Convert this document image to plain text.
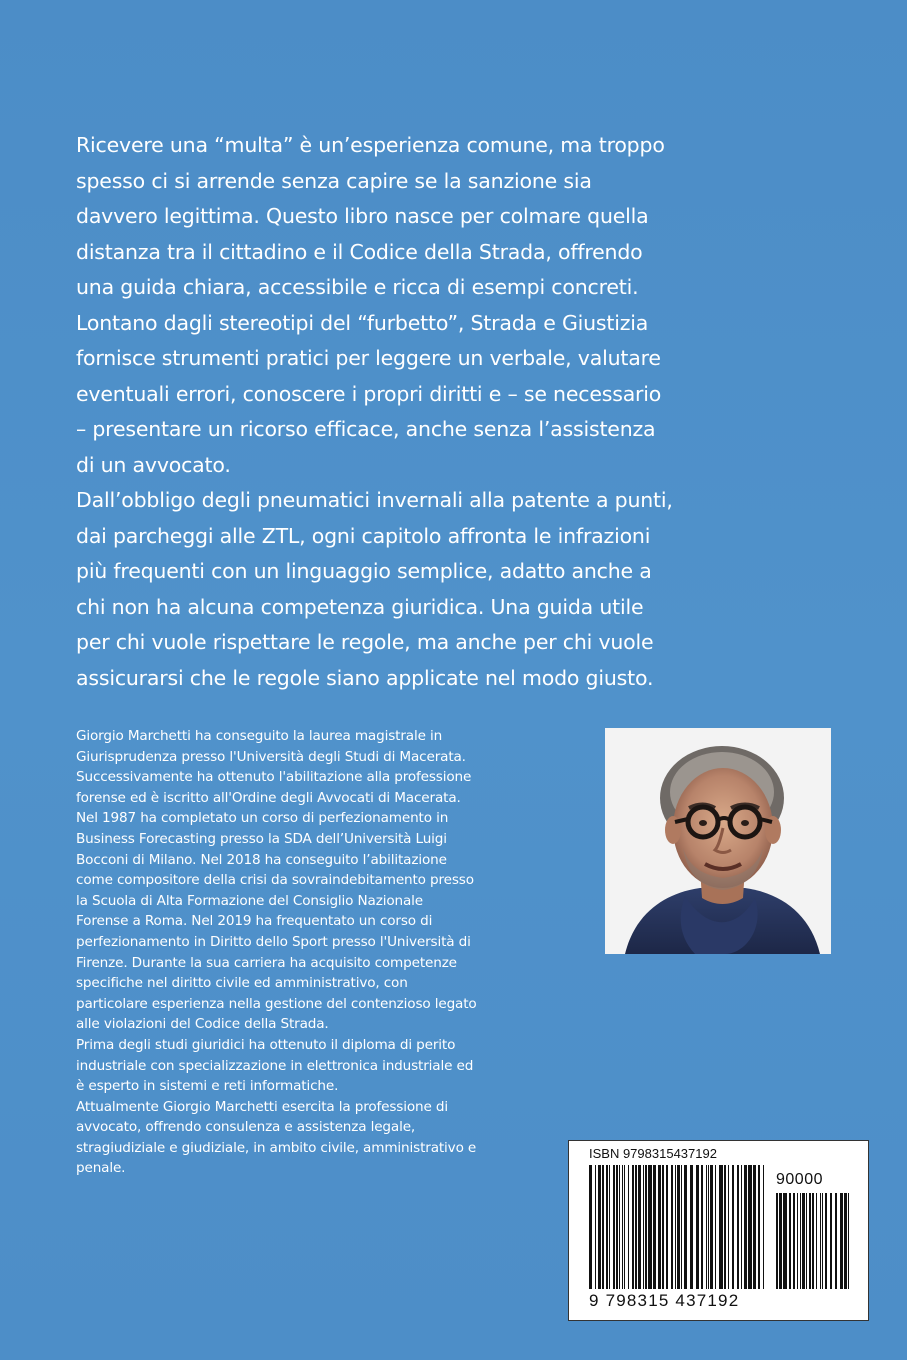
Ricevere una “multa” è un’esperienza comune, ma troppo
spesso ci si arrende senza capire se la sanzione sia
davvero legittima. Questo libro nasce per colmare quella
distanza tra il cittadino e il Codice della Strada, offrendo
una guida chiara, accessibile e ricca di esempi concreti.
Lontano dagli stereotipi del “furbetto”, Strada e Giustizia
fornisce strumenti pratici per leggere un verbale, valutare
eventuali errori, conoscere i propri diritti e – se necessario
– presentare un ricorso efficace, anche senza l’assistenza
di un avvocato.
Dall’obbligo degli pneumatici invernali alla patente a punti,
dai parcheggi alle ZTL, ogni capitolo affronta le infrazioni
più frequenti con un linguaggio semplice, adatto anche a
chi non ha alcuna competenza giuridica. Una guida utile
per chi vuole rispettare le regole, ma anche per chi vuole
assicurarsi che le regole siano applicate nel modo giusto.
Giorgio Marchetti ha conseguito la laurea magistrale in
Giurisprudenza presso l'Università degli Studi di Macerata.
Successivamente ha ottenuto l'abilitazione alla professione
forense ed è iscritto all'Ordine degli Avvocati di Macerata.
Nel 1987 ha completato un corso di perfezionamento in
Business Forecasting presso la SDA dell’Università Luigi
Bocconi di Milano. Nel 2018 ha conseguito l’abilitazione
come compositore della crisi da sovraindebitamento presso
la Scuola di Alta Formazione del Consiglio Nazionale
Forense a Roma. Nel 2019 ha frequentato un corso di
perfezionamento in Diritto dello Sport presso l'Università di
Firenze. Durante la sua carriera ha acquisito competenze
specifiche nel diritto civile ed amministrativo, con
particolare esperienza nella gestione del contenzioso legato
alle violazioni del Codice della Strada.
Prima degli studi giuridici ha ottenuto il diploma di perito
industriale con specializzazione in elettronica industriale ed
è esperto in sistemi e reti informatiche.
Attualmente Giorgio Marchetti esercita la professione di
avvocato, offrendo consulenza e assistenza legale,
stragiudiziale e giudiziale, in ambito civile, amministrativo e
penale.
ISBN 9798315437192
90000
9 798315 437192
